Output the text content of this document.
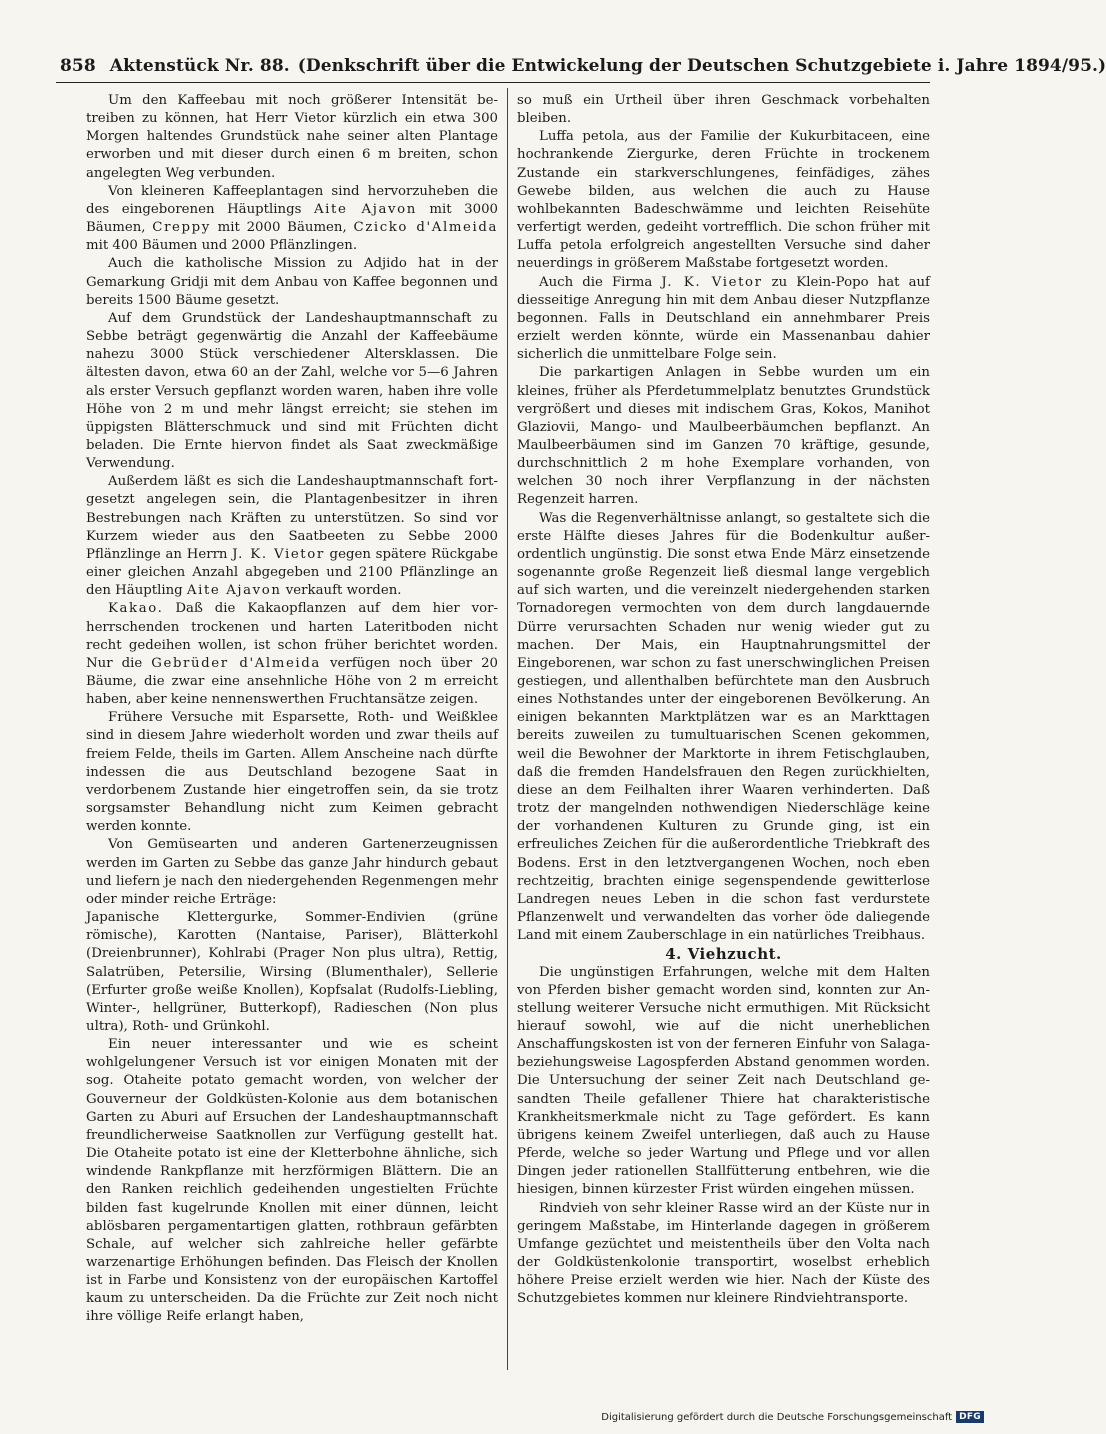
858 Aktenstück Nr. 88. (Denkschrift über die Entwickelung der Deutschen Schutzgebiete i. Jahre 1894/95.)

Um den Kaffeebau mit noch größerer Intensität betreiben zu können, hat Herr Vietor kürzlich ein etwa 300 Morgen haltendes Grundstück nahe seiner alten Plantage erworben und mit dieser durch einen 6 m breiten, schon angelegten Weg verbunden.

Von kleineren Kaffeeplantagen sind hervorzuheben die des eingeborenen Häuptlings Aite Ajavon mit 3000 Bäumen, Creppy mit 2000 Bäumen, Czicko d'Almeida mit 400 Bäumen und 2000 Pflänzlingen.

Auch die katholische Mission zu Adjido hat in der Gemarkung Gridji mit dem Anbau von Kaffee begonnen und bereits 1500 Bäume gesetzt.

Auf dem Grundstück der Landeshauptmannschaft zu Sebbe beträgt gegenwärtig die Anzahl der Kaffeebäume nahezu 3000 Stück verschiedener Altersklassen. Die ältesten davon, etwa 60 an der Zahl, welche vor 5—6 Jahren als erster Versuch gepflanzt worden waren, haben ihre volle Höhe von 2 m und mehr längst erreicht; sie stehen im üppigsten Blätterschmuck und sind mit Früchten dicht beladen. Die Ernte hiervon findet als Saat zweckmäßige Verwendung.

Außerdem läßt es sich die Landeshauptmannschaft fortgesetzt angelegen sein, die Plantagenbesitzer in ihren Bestrebungen nach Kräften zu unterstützen. So sind vor Kurzem wieder aus den Saatbeeten zu Sebbe 2000 Pflänzlinge an Herrn J. K. Vietor gegen spätere Rückgabe einer gleichen Anzahl abgegeben und 2100 Pflänzlinge an den Häuptling Aite Ajavon verkauft worden.

Kakao. Daß die Kakaopflanzen auf dem hier vorherrschenden trockenen und harten Lateritboden nicht recht gedeihen wollen, ist schon früher berichtet worden. Nur die Gebrüder d'Almeida verfügen noch über 20 Bäume, die zwar eine ansehnliche Höhe von 2 m erreicht haben, aber keine nennenswerthen Fruchtansätze zeigen.

Frühere Versuche mit Esparsette, Roth- und Weißklee sind in diesem Jahre wiederholt worden und zwar theils auf freiem Felde, theils im Garten. Allem Anscheine nach dürfte indessen die aus Deutschland bezogene Saat in verdorbenem Zustande hier eingetroffen sein, da sie trotz sorgsamster Behandlung nicht zum Keimen gebracht werden konnte.

Von Gemüsearten und anderen Gartenerzeugnissen werden im Garten zu Sebbe das ganze Jahr hindurch gebaut und liefern je nach den niedergehenden Regenmengen mehr oder minder reiche Erträge:

Japanische Klettergurke, Sommer-Endivien (grüne römische), Karotten (Nantaise, Pariser), Blätterkohl (Dreienbrunner), Kohlrabi (Prager Non plus ultra), Rettig, Salatrüben, Petersilie, Wirsing (Blumenthaler), Sellerie (Erfurter große weiße Knollen), Kopfsalat (Rudolfs-Liebling, Winter-, hellgrüner, Butterkopf), Radieschen (Non plus ultra), Roth- und Grünkohl.

Ein neuer interessanter und wie es scheint wohlgelungener Versuch ist vor einigen Monaten mit der sog. Otaheite potato gemacht worden, von welcher der Gouverneur der Goldküsten-Kolonie aus dem botanischen Garten zu Aburi auf Ersuchen der Landeshauptmannschaft freundlicherweise Saatknollen zur Verfügung gestellt hat. Die Otaheite potato ist eine der Kletterbohne ähnliche, sich windende Rankpflanze mit herzförmigen Blättern. Die an den Ranken reichlich gedeihenden ungestielten Früchte bilden fast kugelrunde Knollen mit einer dünnen, leicht ablösbaren pergamentartigen glatten, rothbraun gefärbten Schale, auf welcher sich zahlreiche heller gefärbte warzenartige Erhöhungen befinden. Das Fleisch der Knollen ist in Farbe und Konsistenz von der europäischen Kartoffel kaum zu unterscheiden. Da die Früchte zur Zeit noch nicht ihre völlige Reife erlangt haben,

so muß ein Urtheil über ihren Geschmack vorbehalten bleiben.

Luffa petola, aus der Familie der Kukurbitaceen, eine hochrankende Ziergurke, deren Früchte in trockenem Zustande ein starkverschlungenes, feinfädiges, zähes Gewebe bilden, aus welchen die auch zu Hause wohlbekannten Badeschwämme und leichten Reisehüte verfertigt werden, gedeiht vortrefflich. Die schon früher mit Luffa petola erfolgreich angestellten Versuche sind daher neuerdings in größerem Maßstabe fortgesetzt worden.

Auch die Firma J. K. Vietor zu Klein-Popo hat auf diesseitige Anregung hin mit dem Anbau dieser Nutzpflanze begonnen. Falls in Deutschland ein annehmbarer Preis erzielt werden könnte, würde ein Massenanbau dahier sicherlich die unmittelbare Folge sein.

Die parkartigen Anlagen in Sebbe wurden um ein kleines, früher als Pferdetummelplatz benutztes Grundstück vergrößert und dieses mit indischem Gras, Kokos, Manihot Glaziovii, Mango- und Maulbeerbäumchen bepflanzt. An Maulbeerbäumen sind im Ganzen 70 kräftige, gesunde, durchschnittlich 2 m hohe Exemplare vorhanden, von welchen 30 noch ihrer Verpflanzung in der nächsten Regenzeit harren.

Was die Regenverhältnisse anlangt, so gestaltete sich die erste Hälfte dieses Jahres für die Bodenkultur außerordentlich ungünstig. Die sonst etwa Ende März einsetzende sogenannte große Regenzeit ließ diesmal lange vergeblich auf sich warten, und die vereinzelt niedergehenden starken Tornadoregen vermochten von dem durch langdauernde Dürre verursachten Schaden nur wenig wieder gut zu machen. Der Mais, ein Hauptnahrungsmittel der Eingeborenen, war schon zu fast unerschwinglichen Preisen gestiegen, und allenthalben befürchtete man den Ausbruch eines Nothstandes unter der eingeborenen Bevölkerung. An einigen bekannten Marktplätzen war es an Markttagen bereits zuweilen zu tumultuarischen Scenen gekommen, weil die Bewohner der Marktorte in ihrem Fetischglauben, daß die fremden Handelsfrauen den Regen zurückhielten, diese an dem Feilhalten ihrer Waaren verhinderten. Daß trotz der mangelnden nothwendigen Niederschläge keine der vorhandenen Kulturen zu Grunde ging, ist ein erfreuliches Zeichen für die außerordentliche Triebkraft des Bodens. Erst in den letztvergangenen Wochen, noch eben rechtzeitig, brachten einige segenspendende gewitterlose Landregen neues Leben in die schon fast verdurstete Pflanzenwelt und verwandelten das vorher öde daliegende Land mit einem Zauberschlage in ein natürliches Treibhaus.

4. Viehzucht.

Die ungünstigen Erfahrungen, welche mit dem Halten von Pferden bisher gemacht worden sind, konnten zur Anstellung weiterer Versuche nicht ermuthigen. Mit Rücksicht hierauf sowohl, wie auf die nicht unerheblichen Anschaffungskosten ist von der ferneren Einfuhr von Salaga- beziehungsweise Lagospferden Abstand genommen worden. Die Untersuchung der seiner Zeit nach Deutschland gesandten Theile gefallener Thiere hat charakteristische Krankheitsmerkmale nicht zu Tage gefördert. Es kann übrigens keinem Zweifel unterliegen, daß auch zu Hause Pferde, welche so jeder Wartung und Pflege und vor allen Dingen jeder rationellen Stallfütterung entbehren, wie die hiesigen, binnen kürzester Frist würden eingehen müssen.

Rindvieh von sehr kleiner Rasse wird an der Küste nur in geringem Maßstabe, im Hinterlande dagegen in größerem Umfange gezüchtet und meistentheils über den Volta nach der Goldküstenkolonie transportirt, woselbst erheblich höhere Preise erzielt werden wie hier. Nach der Küste des Schutzgebietes kommen nur kleinere Rindviehtransporte.

Digitalisierung gefördert durch die Deutsche Forschungsgemeinschaft DFG
